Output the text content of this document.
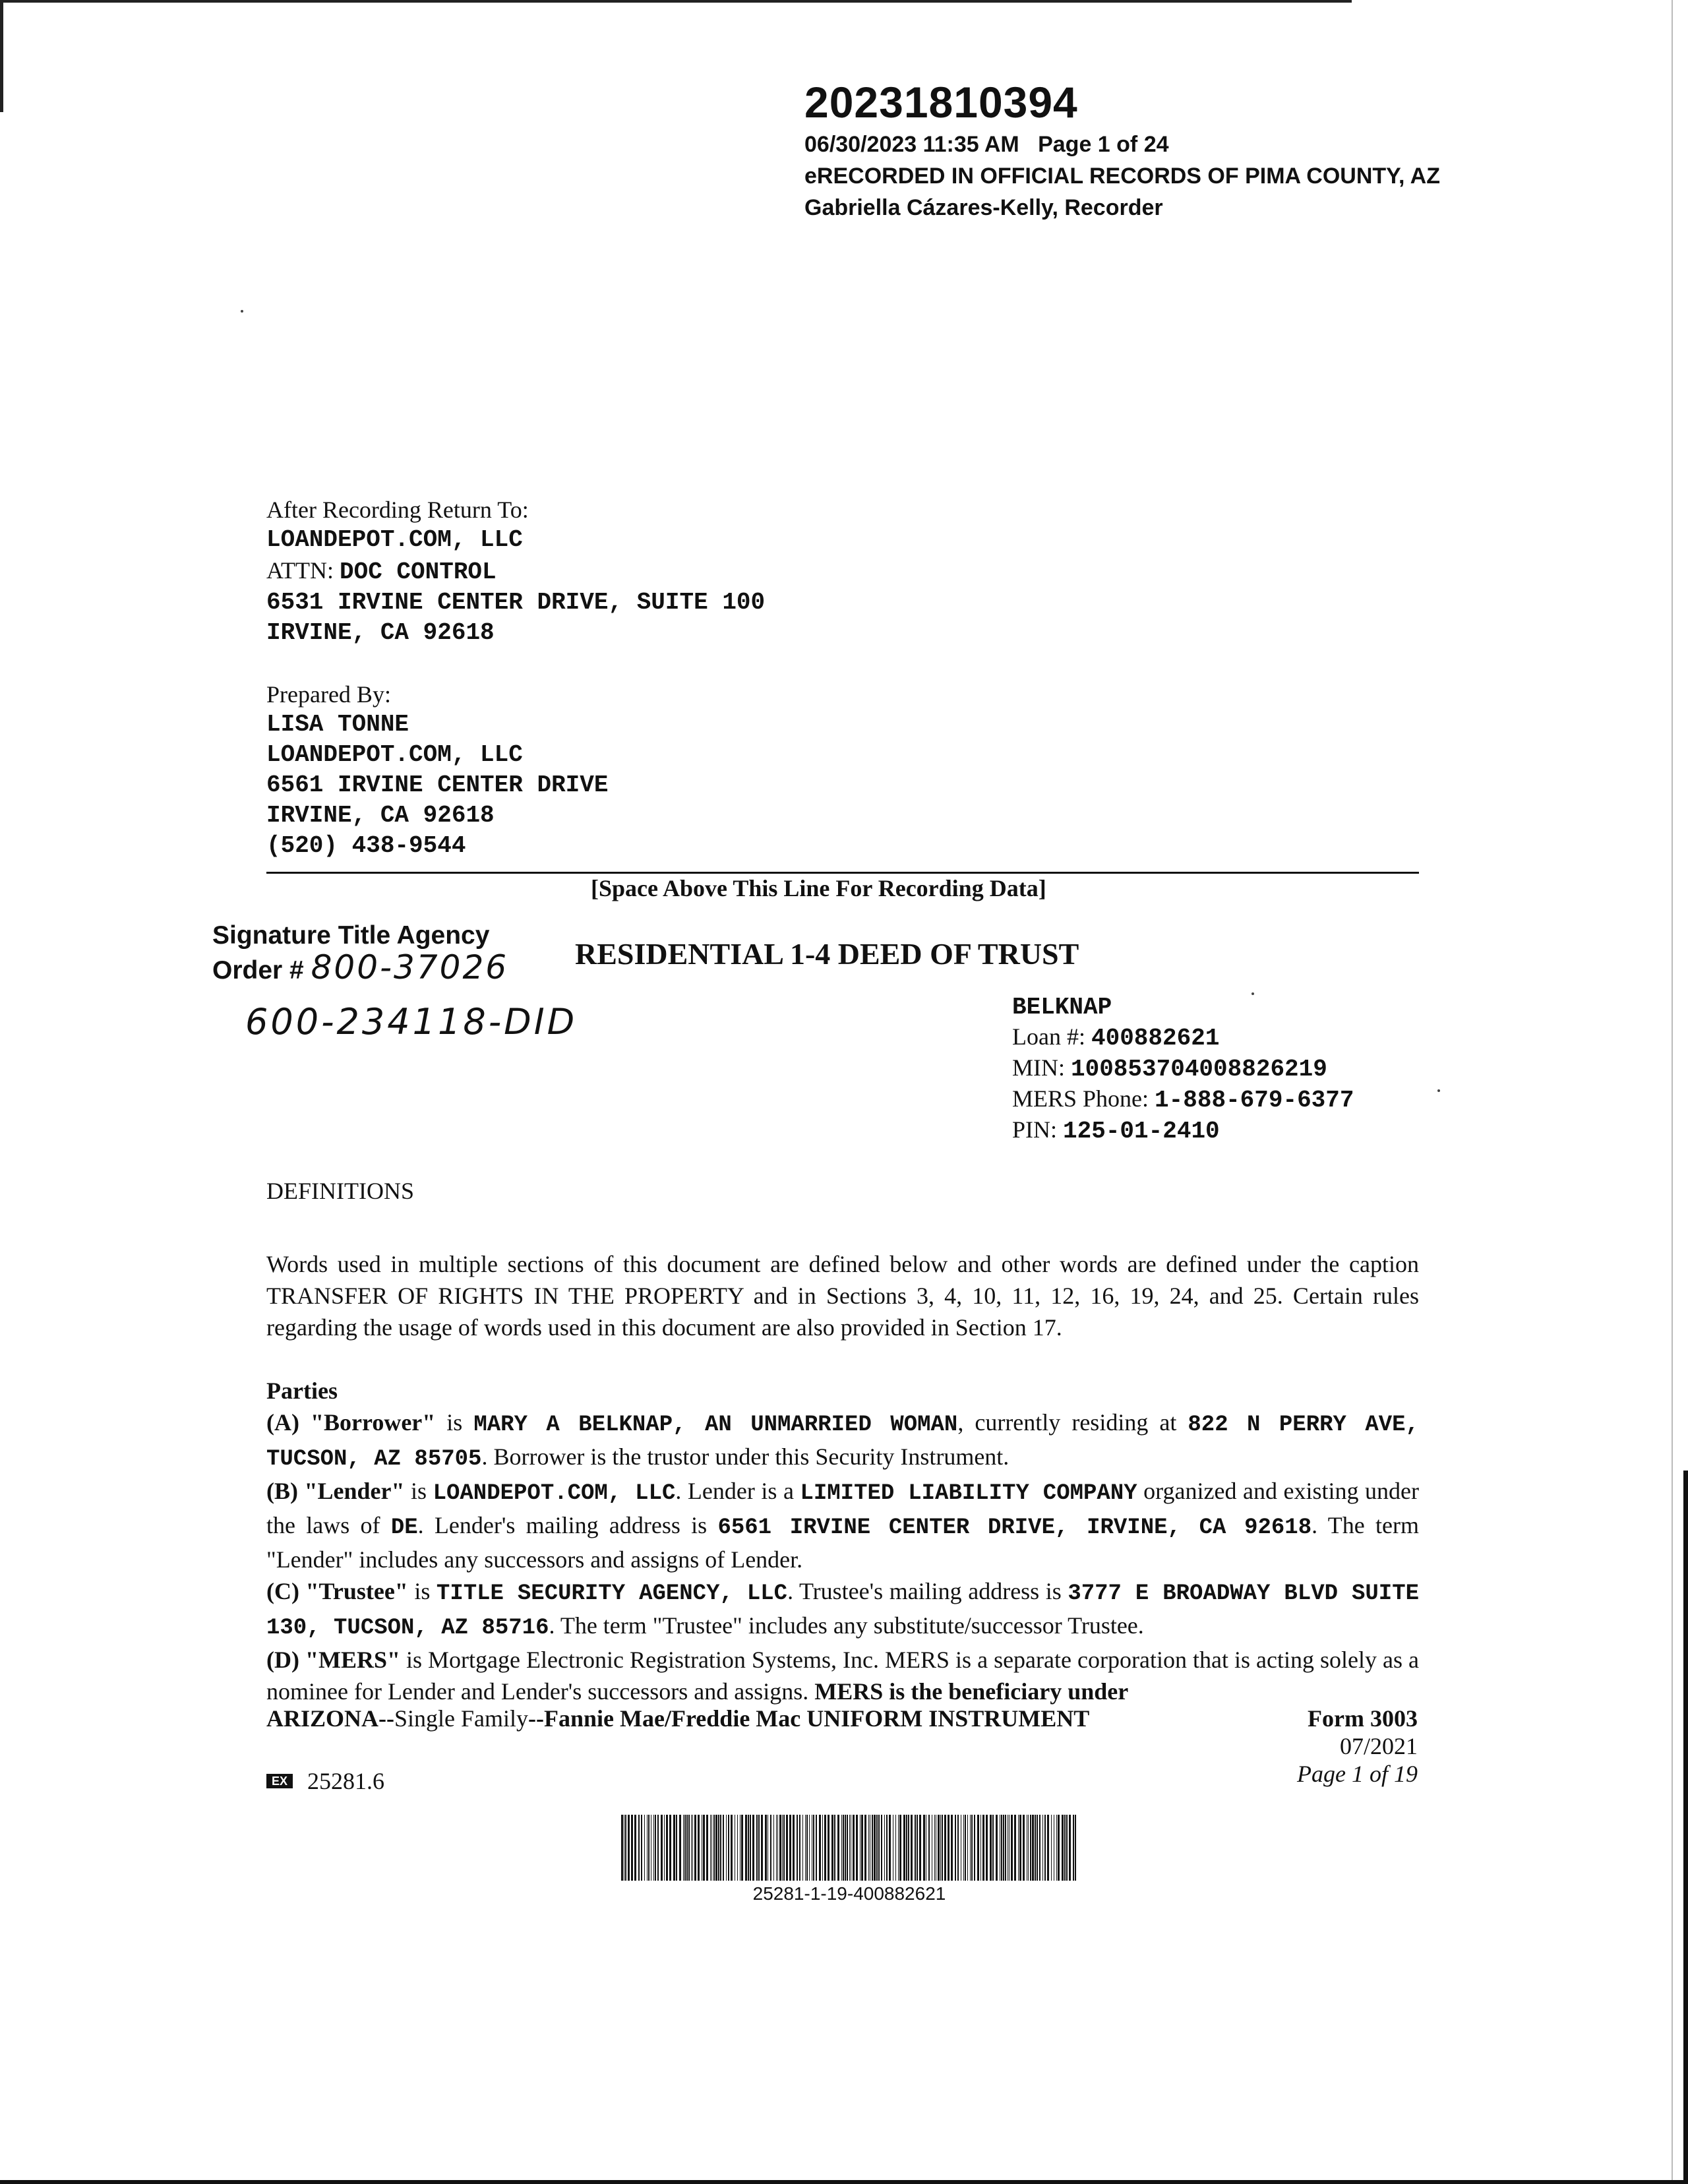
20231810394
06/30/2023 11:35 AM   Page 1 of 24
eRECORDED IN OFFICIAL RECORDS OF PIMA COUNTY, AZ
Gabriella Cázares-Kelly, Recorder
After Recording Return To:
LOANDEPOT.COM, LLC
ATTN: DOC CONTROL
6531 IRVINE CENTER DRIVE, SUITE 100
IRVINE, CA 92618
Prepared By:
LISA TONNE
LOANDEPOT.COM, LLC
6561 IRVINE CENTER DRIVE
IRVINE, CA 92618
(520) 438-9544
[Space Above This Line For Recording Data]
Signature Title Agency
Order # 800-37026
600-234118-DID
RESIDENTIAL 1-4 DEED OF TRUST
BELKNAP
Loan #: 400882621
MIN: 100853704008826219
MERS Phone: 1-888-679-6377
PIN: 125-01-2410
DEFINITIONS
Words used in multiple sections of this document are defined below and other words are defined under the caption TRANSFER OF RIGHTS IN THE PROPERTY and in Sections 3, 4, 10, 11, 12, 16, 19, 24, and 25. Certain rules regarding the usage of words used in this document are also provided in Section 17.

Parties

(A) "Borrower" is MARY A BELKNAP, AN UNMARRIED WOMAN, currently residing at 822 N PERRY AVE, TUCSON, AZ 85705. Borrower is the trustor under this Security Instrument.

(B) "Lender" is LOANDEPOT.COM, LLC. Lender is a LIMITED LIABILITY COMPANY organized and existing under the laws of DE. Lender's mailing address is 6561 IRVINE CENTER DRIVE, IRVINE, CA 92618. The term "Lender" includes any successors and assigns of Lender.

(C) "Trustee" is TITLE SECURITY AGENCY, LLC. Trustee's mailing address is 3777 E BROADWAY BLVD SUITE 130, TUCSON, AZ 85716. The term "Trustee" includes any substitute/successor Trustee.

(D) "MERS" is Mortgage Electronic Registration Systems, Inc. MERS is a separate corporation that is acting solely as a nominee for Lender and Lender's successors and assigns. MERS is the beneficiary under

ARIZONA--Single Family--Fannie Mae/Freddie Mac UNIFORM INSTRUMENT	Form 3003
07/2021
Page 1 of 19
EX 25281.6
25281-1-19-400882621
